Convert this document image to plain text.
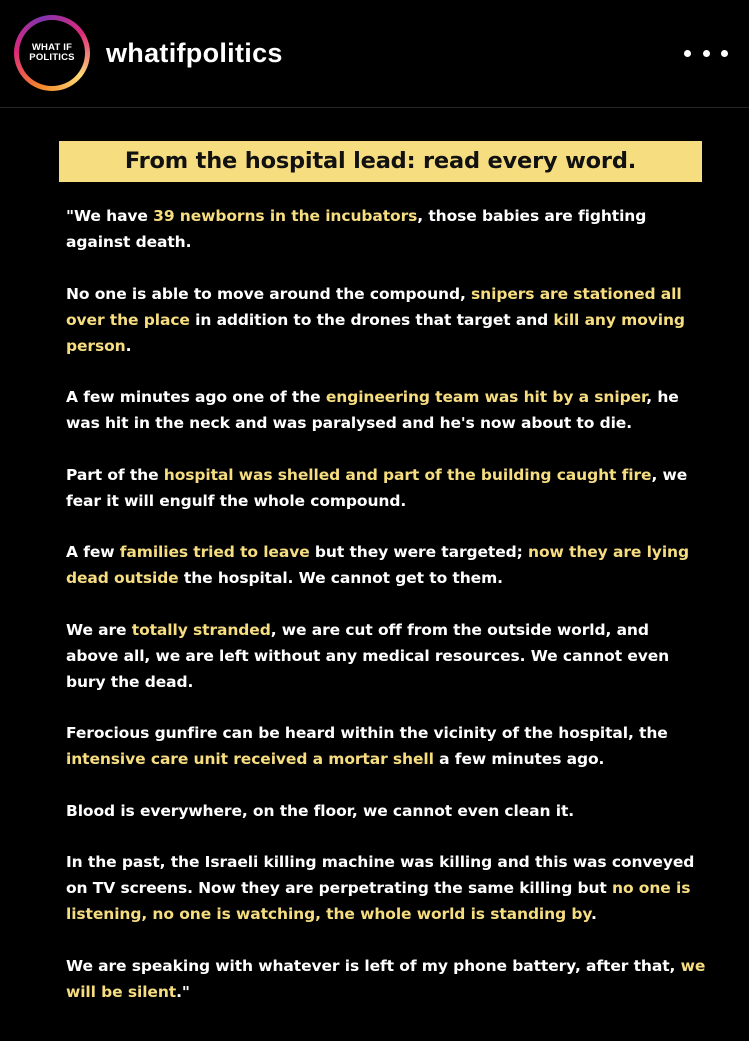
WHAT IF
POLITICS whatifpolitics
From the hospital lead: read every word.

"We have 39 newborns in the incubators, those babies are fighting against death.

No one is able to move around the compound, snipers are stationed all over the place in addition to the drones that target and kill any moving person.

A few minutes ago one of the engineering team was hit by a sniper, he was hit in the neck and was paralysed and he's now about to die.

Part of the hospital was shelled and part of the building caught fire, we fear it will engulf the whole compound.

A few families tried to leave but they were targeted; now they are lying dead outside the hospital. We cannot get to them.

We are totally stranded, we are cut off from the outside world, and above all, we are left without any medical resources. We cannot even bury the dead.

Ferocious gunfire can be heard within the vicinity of the hospital, the intensive care unit received a mortar shell a few minutes ago.

Blood is everywhere, on the floor, we cannot even clean it.

In the past, the Israeli killing machine was killing and this was conveyed on TV screens. Now they are perpetrating the same killing but no one is listening, no one is watching, the whole world is standing by.

We are speaking with whatever is left of my phone battery, after that, we will be silent."
